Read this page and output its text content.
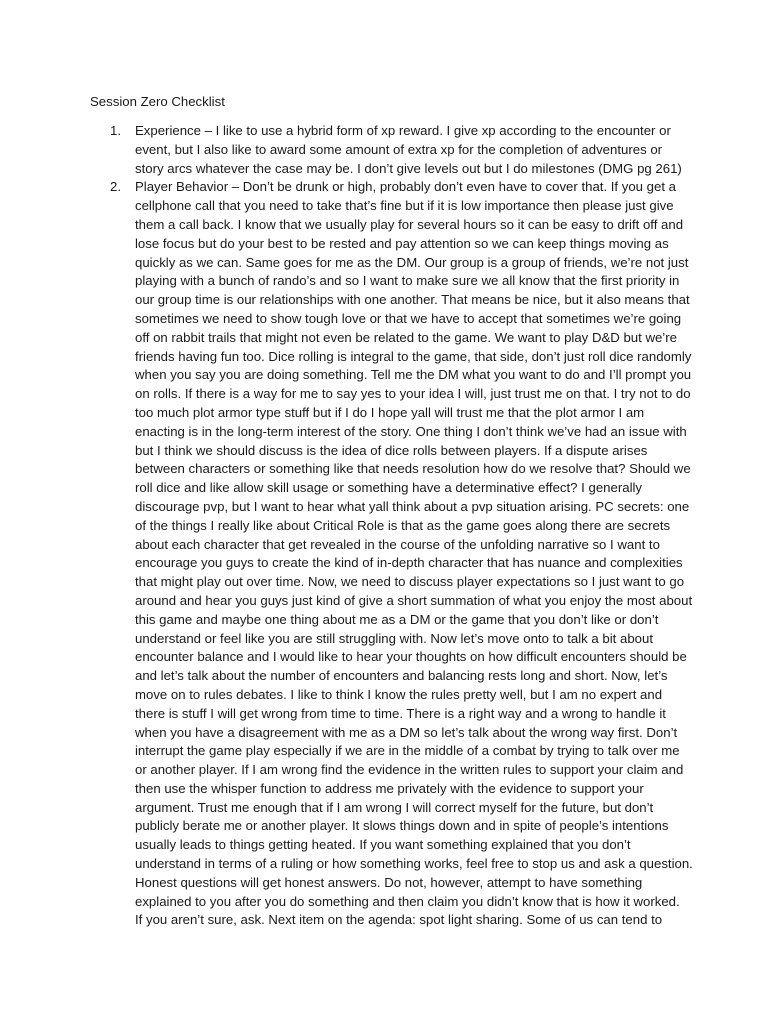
Session Zero Checklist
1. Experience – I like to use a hybrid form of xp reward. I give xp according to the encounter or
event, but I also like to award some amount of extra xp for the completion of adventures or
story arcs whatever the case may be. I don’t give levels out but I do milestones (DMG pg 261)
2. Player Behavior – Don’t be drunk or high, probably don’t even have to cover that. If you get a
cellphone call that you need to take that’s fine but if it is low importance then please just give
them a call back. I know that we usually play for several hours so it can be easy to drift off and
lose focus but do your best to be rested and pay attention so we can keep things moving as
quickly as we can. Same goes for me as the DM. Our group is a group of friends, we’re not just
playing with a bunch of rando’s and so I want to make sure we all know that the first priority in
our group time is our relationships with one another. That means be nice, but it also means that
sometimes we need to show tough love or that we have to accept that sometimes we’re going
off on rabbit trails that might not even be related to the game. We want to play D&D but we’re
friends having fun too. Dice rolling is integral to the game, that side, don’t just roll dice randomly
when you say you are doing something. Tell me the DM what you want to do and I’ll prompt you
on rolls. If there is a way for me to say yes to your idea I will, just trust me on that. I try not to do
too much plot armor type stuff but if I do I hope yall will trust me that the plot armor I am
enacting is in the long-term interest of the story. One thing I don’t think we’ve had an issue with
but I think we should discuss is the idea of dice rolls between players. If a dispute arises
between characters or something like that needs resolution how do we resolve that? Should we
roll dice and like allow skill usage or something have a determinative effect? I generally
discourage pvp, but I want to hear what yall think about a pvp situation arising. PC secrets: one
of the things I really like about Critical Role is that as the game goes along there are secrets
about each character that get revealed in the course of the unfolding narrative so I want to
encourage you guys to create the kind of in-depth character that has nuance and complexities
that might play out over time. Now, we need to discuss player expectations so I just want to go
around and hear you guys just kind of give a short summation of what you enjoy the most about
this game and maybe one thing about me as a DM or the game that you don’t like or don’t
understand or feel like you are still struggling with. Now let’s move onto to talk a bit about
encounter balance and I would like to hear your thoughts on how difficult encounters should be
and let’s talk about the number of encounters and balancing rests long and short. Now, let’s
move on to rules debates. I like to think I know the rules pretty well, but I am no expert and
there is stuff I will get wrong from time to time. There is a right way and a wrong to handle it
when you have a disagreement with me as a DM so let’s talk about the wrong way first. Don’t
interrupt the game play especially if we are in the middle of a combat by trying to talk over me
or another player. If I am wrong find the evidence in the written rules to support your claim and
then use the whisper function to address me privately with the evidence to support your
argument. Trust me enough that if I am wrong I will correct myself for the future, but don’t
publicly berate me or another player. It slows things down and in spite of people’s intentions
usually leads to things getting heated. If you want something explained that you don’t
understand in terms of a ruling or how something works, feel free to stop us and ask a question.
Honest questions will get honest answers. Do not, however, attempt to have something
explained to you after you do something and then claim you didn’t know that is how it worked.
If you aren’t sure, ask. Next item on the agenda: spot light sharing. Some of us can tend to
